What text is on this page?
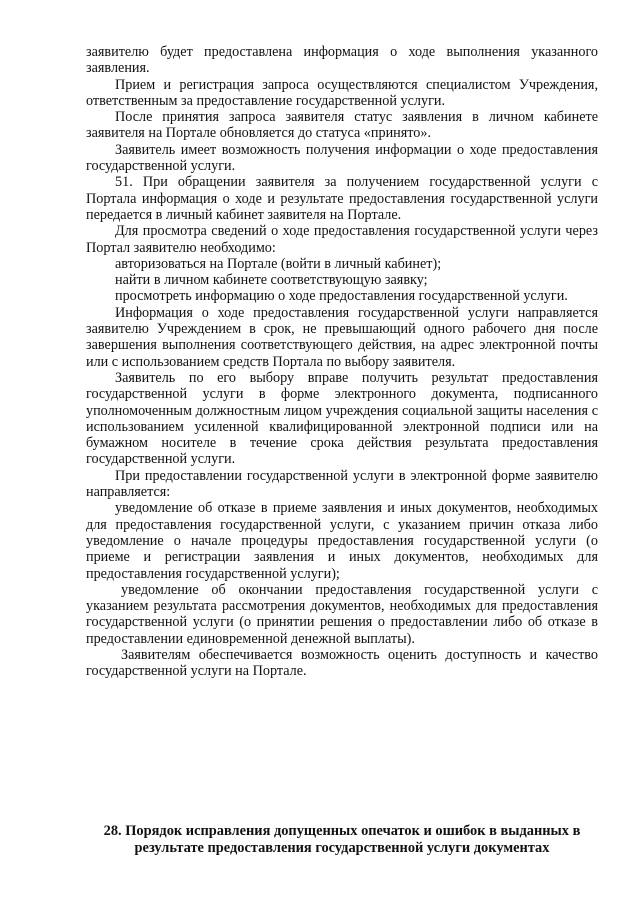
заявителю будет предоставлена информация о ходе выполнения указанного заявления.

Прием и регистрация запроса осуществляются специалистом Учреждения, ответственным за предоставление государственной услуги.

После принятия запроса заявителя статус заявления в личном кабинете заявителя на Портале обновляется до статуса «принято».

Заявитель имеет возможность получения информации о ходе предоставления государственной услуги.

51. При обращении заявителя за получением государственной услуги с Портала информация о ходе и результате предоставления государственной услуги передается в личный кабинет заявителя на Портале.

Для просмотра сведений о ходе предоставления государственной услуги через Портал заявителю необходимо:

авторизоваться на Портале (войти в личный кабинет);

найти в личном кабинете соответствующую заявку;

просмотреть информацию о ходе предоставления государственной услуги.

Информация о ходе предоставления государственной услуги направляется заявителю Учреждением в срок, не превышающий одного рабочего дня после завершения выполнения соответствующего действия, на адрес электронной почты или с использованием средств Портала по выбору заявителя.

Заявитель по его выбору вправе получить результат предоставления государственной услуги в форме электронного документа, подписанного уполномоченным должностным лицом учреждения социальной защиты населения с использованием усиленной квалифицированной электронной подписи или на бумажном носителе в течение срока действия результата предоставления государственной услуги.

При предоставлении государственной услуги в электронной форме заявителю направляется:

уведомление об отказе в приеме заявления и иных документов, необходимых для предоставления государственной услуги, с указанием причин отказа либо уведомление о начале процедуры предоставления государственной услуги (о приеме и регистрации заявления и иных документов, необходимых для предоставления государственной услуги);

уведомление об окончании предоставления государственной услуги с указанием результата рассмотрения документов, необходимых для предоставления государственной услуги (о принятии решения о предоставлении либо об отказе в предоставлении единовременной денежной выплаты).

Заявителям обеспечивается возможность оценить доступность и качество государственной услуги на Портале.

28. Порядок исправления допущенных опечаток и ошибок в выданных в результате предоставления государственной услуги документах
